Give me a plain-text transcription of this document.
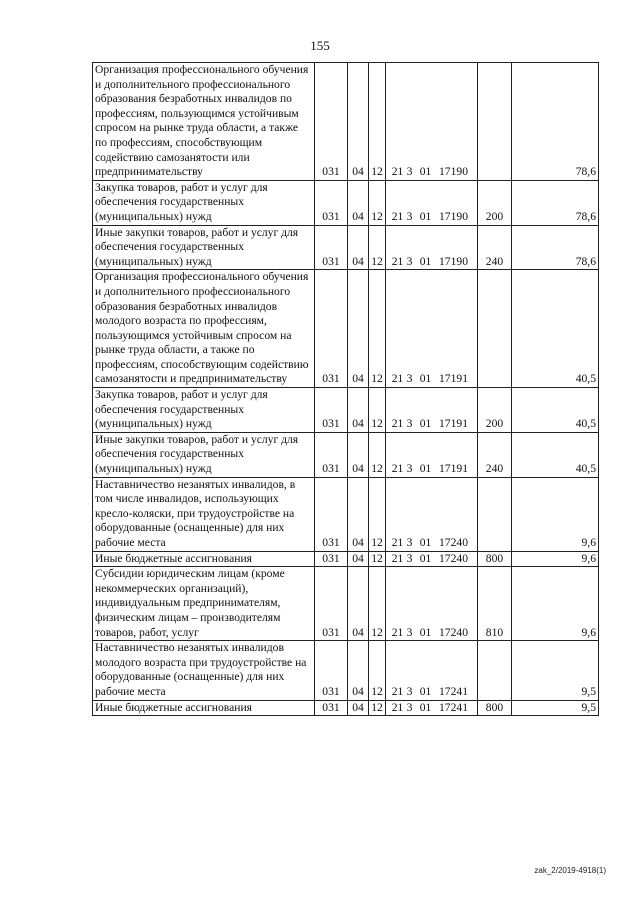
155
Организация профессионального обучения и дополнительного профессионального образования безработных инвалидов по профессиям, пользующимся устойчивым спросом на рынке труда области, а также по профессиям, способствующим содействию самозанятости или предпринимательству	031	04	12	21 3 01 17190		78,6
Закупка товаров, работ и услуг для обеспечения государственных (муниципальных) нужд	031	04	12	21 3 01 17190	200	78,6
Иные закупки товаров, работ и услуг для обеспечения государственных (муниципальных) нужд	031	04	12	21 3 01 17190	240	78,6
Организация профессионального обучения и дополнительного профессионального образования безработных инвалидов молодого возраста по профессиям, пользующимся устойчивым спросом на рынке труда области, а также по профессиям, способствующим содействию самозанятости и предпринимательству	031	04	12	21 3 01 17191		40,5
Закупка товаров, работ и услуг для обеспечения государственных (муниципальных) нужд	031	04	12	21 3 01 17191	200	40,5
Иные закупки товаров, работ и услуг для обеспечения государственных (муниципальных) нужд	031	04	12	21 3 01 17191	240	40,5
Наставничество незанятых инвалидов, в том числе инвалидов, использующих кресло-коляски, при трудоустройстве на оборудованные (оснащенные) для них рабочие места	031	04	12	21 3 01 17240		9,6
Иные бюджетные ассигнования	031	04	12	21 3 01 17240	800	9,6
Субсидии юридическим лицам (кроме некоммерческих организаций), индивидуальным предпринимателям, физическим лицам – производителям товаров, работ, услуг	031	04	12	21 3 01 17240	810	9,6
Наставничество незанятых инвалидов молодого возраста при трудоустройстве на оборудованные (оснащенные) для них рабочие места	031	04	12	21 3 01 17241		9,5
Иные бюджетные ассигнования	031	04	12	21 3 01 17241	800	9,5
zak_2/2019-4918(1)
